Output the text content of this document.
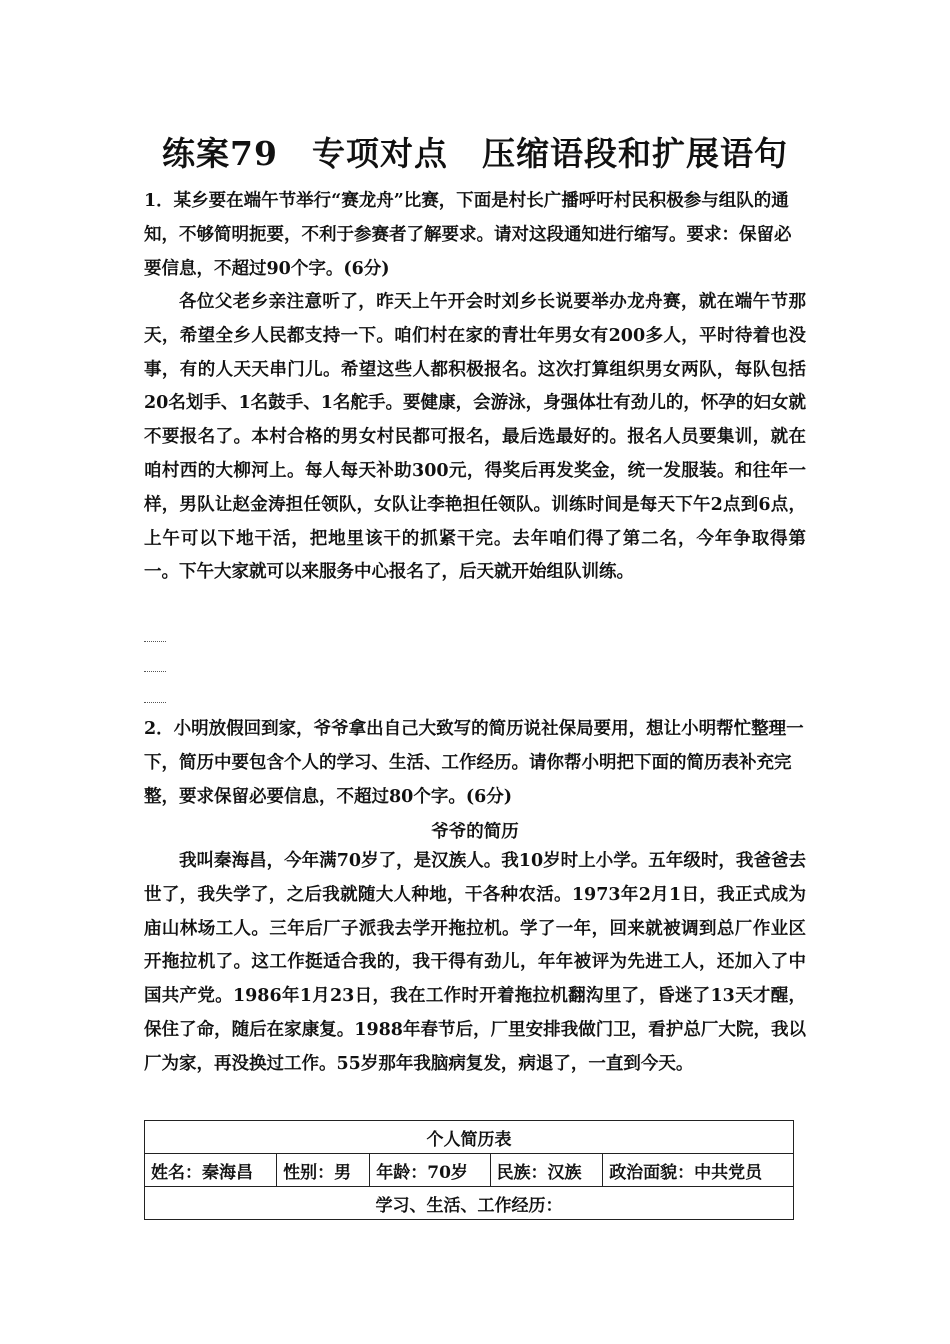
练案79　专项对点　压缩语段和扩展语句
1．某乡要在端午节举行“赛龙舟”比赛，下面是村长广播呼吁村民积极参与组队的通知，不够简明扼要，不利于参赛者了解要求。请对这段通知进行缩写。要求：保留必要信息，不超过90个字。(6分)
各位父老乡亲注意听了，昨天上午开会时刘乡长说要举办龙舟赛，就在端午节那天，希望全乡人民都支持一下。咱们村在家的青壮年男女有200多人，平时待着也没事，有的人天天串门儿。希望这些人都积极报名。这次打算组织男女两队，每队包括20名划手、1名鼓手、1名舵手。要健康，会游泳，身强体壮有劲儿的，怀孕的妇女就不要报名了。本村合格的男女村民都可报名，最后选最好的。报名人员要集训，就在咱村西的大柳河上。每人每天补助300元，得奖后再发奖金，统一发服装。和往年一样，男队让赵金涛担任领队，女队让李艳担任领队。训练时间是每天下午2点到6点，上午可以下地干活，把地里该干的抓紧干完。去年咱们得了第二名，今年争取得第一。下午大家就可以来服务中心报名了，后天就开始组队训练。
2．小明放假回到家，爷爷拿出自己大致写的简历说社保局要用，想让小明帮忙整理一下，简历中要包含个人的学习、生活、工作经历。请你帮小明把下面的简历表补充完整，要求保留必要信息，不超过80个字。(6分)
爷爷的简历
我叫秦海昌，今年满70岁了，是汉族人。我10岁时上小学。五年级时，我爸爸去世了，我失学了，之后我就随大人种地，干各种农活。1973年2月1日，我正式成为庙山林场工人。三年后厂子派我去学开拖拉机。学了一年，回来就被调到总厂作业区开拖拉机了。这工作挺适合我的，我干得有劲儿，年年被评为先进工人，还加入了中国共产党。1986年1月23日，我在工作时开着拖拉机翻沟里了，昏迷了13天才醒，保住了命，随后在家康复。1988年春节后，厂里安排我做门卫，看护总厂大院，我以厂为家，再没换过工作。55岁那年我脑病复发，病退了，一直到今天。
个人简历表
姓名：秦海昌	性别：男	年龄：70岁	民族：汉族	政治面貌：中共党员
学习、生活、工作经历：
